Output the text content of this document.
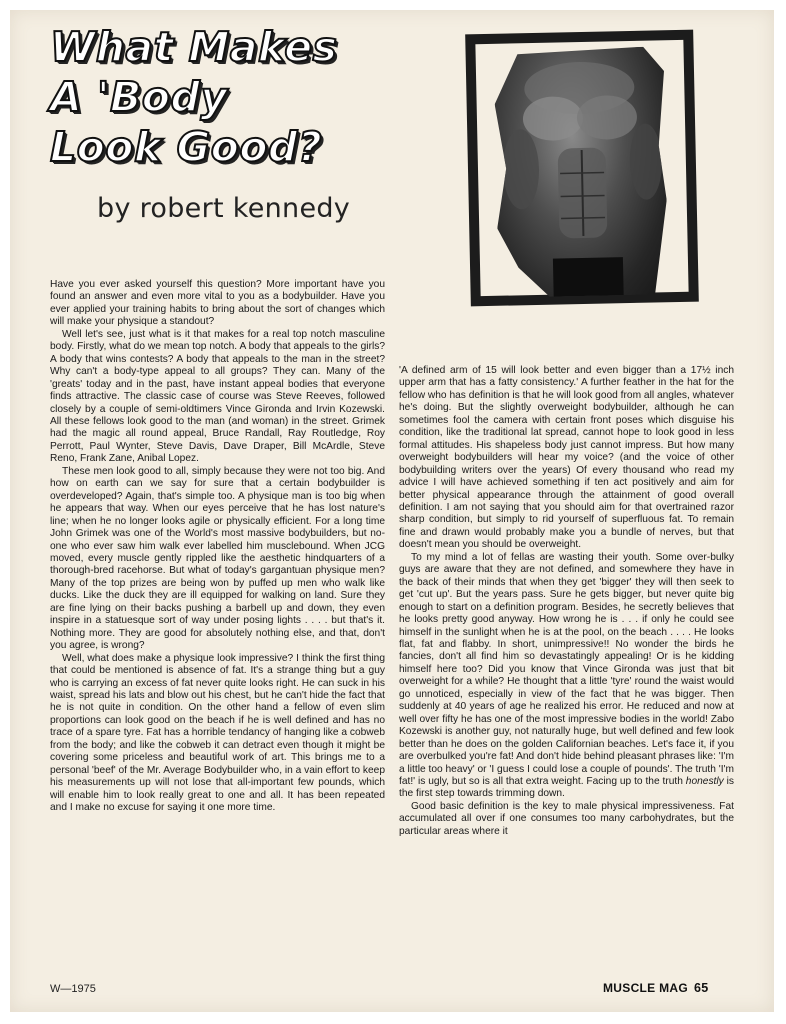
What Makes
A 'Body
Look Good?
by robert kennedy

Have you ever asked yourself this question? More important have you found an answer and even more vital to you as a bodybuilder. Have you ever applied your training habits to bring about the sort of changes which will make your physique a standout?

Well let's see, just what is it that makes for a real top notch masculine body. Firstly, what do we mean top notch. A body that appeals to the girls? A body that wins contests? A body that appeals to the man in the street? Why can't a body-type appeal to all groups? They can. Many of the 'greats' today and in the past, have instant appeal bodies that everyone finds attractive. The classic case of course was Steve Reeves, followed closely by a couple of semi-oldtimers Vince Gironda and Irvin Kozewski. All these fellows look good to the man (and woman) in the street. Grimek had the magic all round appeal, Bruce Randall, Ray Routledge, Roy Perrott, Paul Wynter, Steve Davis, Dave Draper, Bill McArdle, Steve Reno, Frank Zane, Anibal Lopez.

These men look good to all, simply because they were not too big. And how on earth can we say for sure that a certain bodybuilder is overdeveloped? Again, that's simple too. A physique man is too big when he appears that way. When our eyes perceive that he has lost nature's line; when he no longer looks agile or physically efficient. For a long time John Grimek was one of the World's most massive bodybuilders, but no-one who ever saw him walk ever labelled him musclebound. When JCG moved, every muscle gently rippled like the aesthetic hindquarters of a thorough-bred racehorse. But what of today's gargantuan physique men? Many of the top prizes are being won by puffed up men who walk like ducks. Like the duck they are ill equipped for walking on land. Sure they are fine lying on their backs pushing a barbell up and down, they even inspire in a statuesque sort of way under posing lights . . . . but that's it. Nothing more. They are good for absolutely nothing else, and that, don't you agree, is wrong?

Well, what does make a physique look impressive? I think the first thing that could be mentioned is absence of fat. It's a strange thing but a guy who is carrying an excess of fat never quite looks right. He can suck in his waist, spread his lats and blow out his chest, but he can't hide the fact that he is not quite in condition. On the other hand a fellow of even slim proportions can look good on the beach if he is well defined and has no trace of a spare tyre. Fat has a horrible tendancy of hanging like a cobweb from the body; and like the cobweb it can detract even though it might be covering some priceless and beautiful work of art. This brings me to a personal 'beef' of the Mr. Average Bodybuilder who, in a vain effort to keep his measurements up will not lose that all-important few pounds, which will enable him to look really great to one and all. It has been repeated and I make no excuse for saying it one more time.

'A defined arm of 15 will look better and even bigger than a 17½ inch upper arm that has a fatty consistency.' A further feather in the hat for the fellow who has definition is that he will look good from all angles, whatever he's doing. But the slightly overweight bodybuilder, although he can sometimes fool the camera with certain front poses which disguise his condition, like the traditional lat spread, cannot hope to look good in less formal attitudes. His shapeless body just cannot impress. But how many overweight bodybuilders will hear my voice? (and the voice of other bodybuilding writers over the years) Of every thousand who read my advice I will have achieved something if ten act positively and aim for better physical appearance through the attainment of good overall definition. I am not saying that you should aim for that overtrained razor sharp condition, but simply to rid yourself of superfluous fat. To remain fine and drawn would probably make you a bundle of nerves, but that doesn't mean you should be overweight.

To my mind a lot of fellas are wasting their youth. Some over-bulky guys are aware that they are not defined, and somewhere they have in the back of their minds that when they get 'bigger' they will then seek to get 'cut up'. But the years pass. Sure he gets bigger, but never quite big enough to start on a definition program. Besides, he secretly believes that he looks pretty good anyway. How wrong he is . . . if only he could see himself in the sunlight when he is at the pool, on the beach . . . . He looks flat, fat and flabby. In short, unimpressive!! No wonder the birds he fancies, don't all find him so devastatingly appealing! Or is he kidding himself here too? Did you know that Vince Gironda was just that bit overweight for a while? He thought that a little 'tyre' round the waist would go unnoticed, especially in view of the fact that he was bigger. Then suddenly at 40 years of age he realized his error. He reduced and now at well over fifty he has one of the most impressive bodies in the world! Zabo Kozewski is another guy, not naturally huge, but well defined and few look better than he does on the golden Californian beaches. Let's face it, if you are overbulked you're fat! And don't hide behind pleasant phrases like: 'I'm a little too heavy' or 'I guess I could lose a couple of pounds'. The truth 'I'm fat!' is ugly, but so is all that extra weight. Facing up to the truth honestly is the first step towards trimming down.

Good basic definition is the key to male physical impressiveness. Fat accumulated all over if one consumes too many carbohydrates, but the particular areas where it

W—1975	MUSCLE MAG 65
